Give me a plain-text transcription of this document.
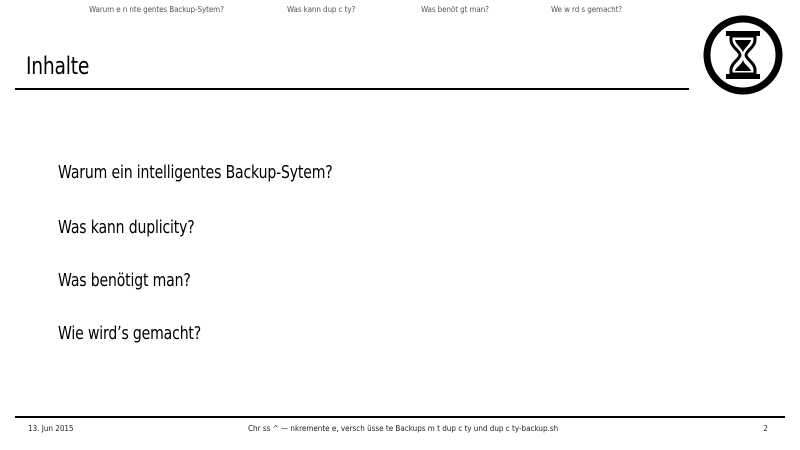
Warum e n nte gentes Backup-Sytem?	Was kann dup c ty?	Was benöt gt man?	We w rd s gemacht?
Inhalte
Warum ein intelligentes Backup-Sytem?
Was kann duplicity?
Was benötigt man?
Wie wird’s gemacht?
13. Jun 2015	Chr ss ^ — nkremente e, versch üsse te Backups m t dup c ty und dup c ty-backup.sh	2
